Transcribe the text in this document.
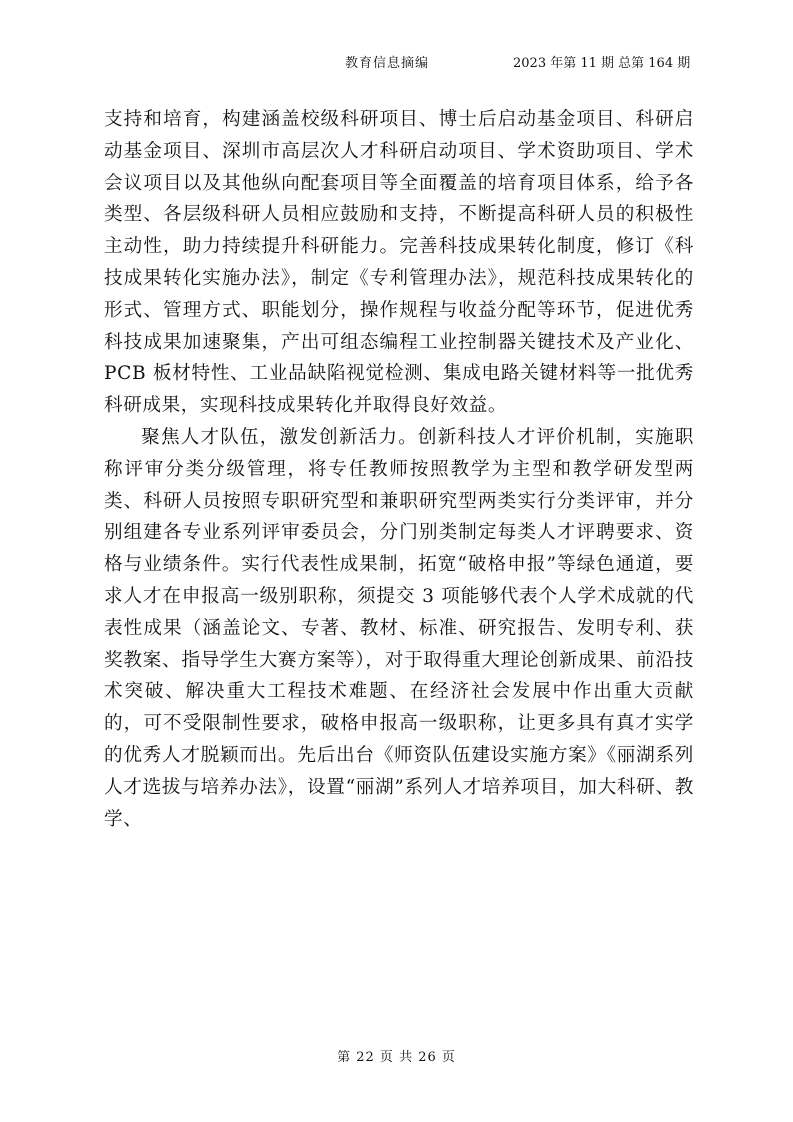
教育信息摘编	2023 年第 11 期 总第 164 期

支持和培育，构建涵盖校级科研项目、博士后启动基金项目、科研启动基金项目、深圳市高层次人才科研启动项目、学术资助项目、学术会议项目以及其他纵向配套项目等全面覆盖的培育项目体系，给予各类型、各层级科研人员相应鼓励和支持，不断提高科研人员的积极性主动性，助力持续提升科研能力。完善科技成果转化制度，修订《科技成果转化实施办法》，制定《专利管理办法》，规范科技成果转化的形式、管理方式、职能划分，操作规程与收益分配等环节，促进优秀科技成果加速聚集，产出可组态编程工业控制器关键技术及产业化、PCB 板材特性、工业品缺陷视觉检测、集成电路关键材料等一批优秀科研成果，实现科技成果转化并取得良好效益。

聚焦人才队伍，激发创新活力。创新科技人才评价机制，实施职称评审分类分级管理，将专任教师按照教学为主型和教学研发型两类、科研人员按照专职研究型和兼职研究型两类实行分类评审，并分别组建各专业系列评审委员会，分门别类制定每类人才评聘要求、资格与业绩条件。实行代表性成果制，拓宽“破格申报”等绿色通道，要求人才在申报高一级别职称，须提交 3 项能够代表个人学术成就的代表性成果（涵盖论文、专著、教材、标准、研究报告、发明专利、获奖教案、指导学生大赛方案等），对于取得重大理论创新成果、前沿技术突破、解决重大工程技术难题、在经济社会发展中作出重大贡献的，可不受限制性要求，破格申报高一级职称，让更多具有真才实学的优秀人才脱颖而出。先后出台《师资队伍建设实施方案》《丽湖系列人才选拔与培养办法》，设置“丽湖”系列人才培养项目，加大科研、教学、

第 22 页 共 26 页
